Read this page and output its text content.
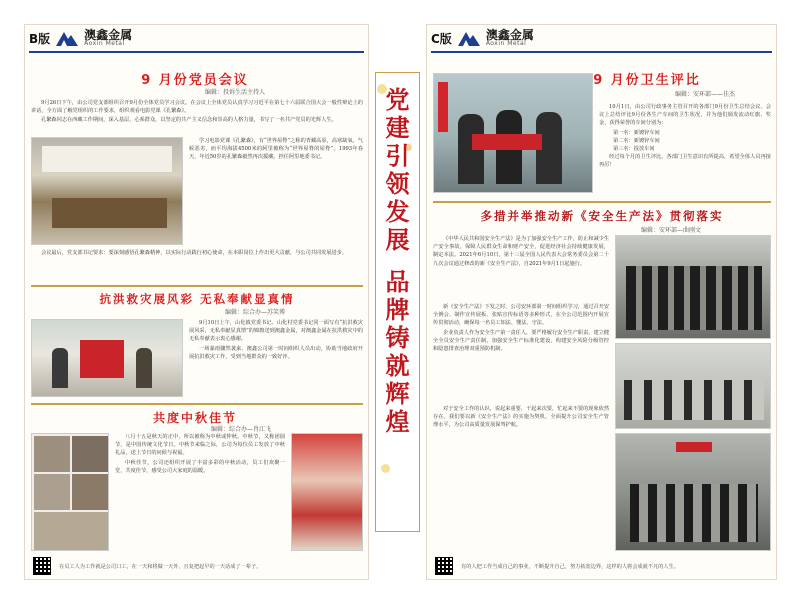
B版	澳鑫金属
Aoxin Metal
9 月份党员会议
编辑：投诉生活主持人

9月26日下午，由公司党支部组织召开9月份全体党员学习会议。在会议上全体党员认真学习习近平在第七十六届联合国大会一般性辩论上的讲话，全方面了解党组织的工作要求，组织观看电影党课《孔繁森》。

孔繁森同志在西藏工作期间，深入基层，心系群众，以坚定的共产主义信念和崇高的人格力量，书写了一名共产党员的光辉人生。

学习电影党课《孔繁森》，有“世界屋脊”之称的青藏高原，高寒缺氧，气候恶劣，而平均海拔4500米的阿里被称为“世界屋脊的屋脊”。1993年春天，年近50岁的孔繁森毅然再次援藏，担任阿里地委书记。

会议最后，党支部书记要求：要深刻感悟孔繁森精神，以实际行动践行初心使命，在本职岗位上作出更大贡献，与公司共同发展进步。

抗洪救灾展风彩 无私奉献显真情
编辑：综合办—苏笑博

9月10日上午，山化镇党委书记、山化村党委书记同一面写有“抗洪救灾展风采，无私奉献显真情”的锦旗送到澳鑫金属，对澳鑫金属在抗洪救灾中的无私奉献表示衷心感谢。

一场暴雨骤然袭来，澳鑫公司第一时间组织人员出动，协助当地政府开展抗洪救灾工作，受到当地群众的一致好评。

共度中秋佳节
编辑：综合办—肖江飞

八月十五是秋天的正中，所以被称为中秋或仲秋。中秋节，又称团圆节，是中国传统文化节日。中秋节来临之际，公司为每位员工发放了中秋礼品，送上节日的问候与祝福。

中秋佳节，公司还组织开展了丰富多彩的中秋活动，员工们欢聚一堂，共度佳节，感受公司大家庭的温暖。

在员工人为工作就是公司口工，在一天和将做一天外，且复把起早的一天话成了一辈子。
党
建
引
领
发
展
品
牌
铸
就
辉
煌
C版	澳鑫金属
Aoxin Metal
9 月份卫生评比
编辑：安环部——佳杰

10月1日，由公司行政事务主管召开的各部门9月份卫生总结会议。会议上总结评比9月份各生产车间的卫生状况，并为他们颁发流动红旗、奖金，获得荣誉的车间分别为：

第一名：新镀锌车间
第二名：新镀锌车间
第三名：投放车间

经过每个月的卫生评比，各部门卫生意识有所提高，希望全体人员再接再厉！

多措并举推动新《安全生产法》贯彻落实
编辑：安环部—曲刚文

《中华人民共和国安全生产法》是为了加强安全生产工作，防止和减少生产安全事故，保障人民群众生命和财产安全，促进经济社会持续健康发展，制定本法。2021年6月10日，第十三届全国人民代表大会常务委员会第二十九次会议通过修改的新《安全生产法》，自2021年9月1日起施行。

新《安全生产法》下发之时，公司安环部第一时间组织学习，通过召开安全例会、制作宣传展板、张贴宣传标语等多种形式，在全公司范围内开展宣传贯彻活动，确保每一名员工知法、懂法、守法。

企业负责人作为安全生产第一责任人，要严格履行安全生产职责，建立健全全员安全生产责任制，加强安全生产标准化建设，构建安全风险分级管控和隐患排查治理双重预防机制。

对于安全工作的认识，说起来重要，干起来次要，忙起来不要的现象依然存在。我们要以新《安全生产法》的实施为契机，全面提升公司安全生产管理水平，为公司高质量发展保驾护航。

有的人把工作当成自己的事业，不断提升自己，努力拓宽边界，这样的人将会成就不凡的人生。
